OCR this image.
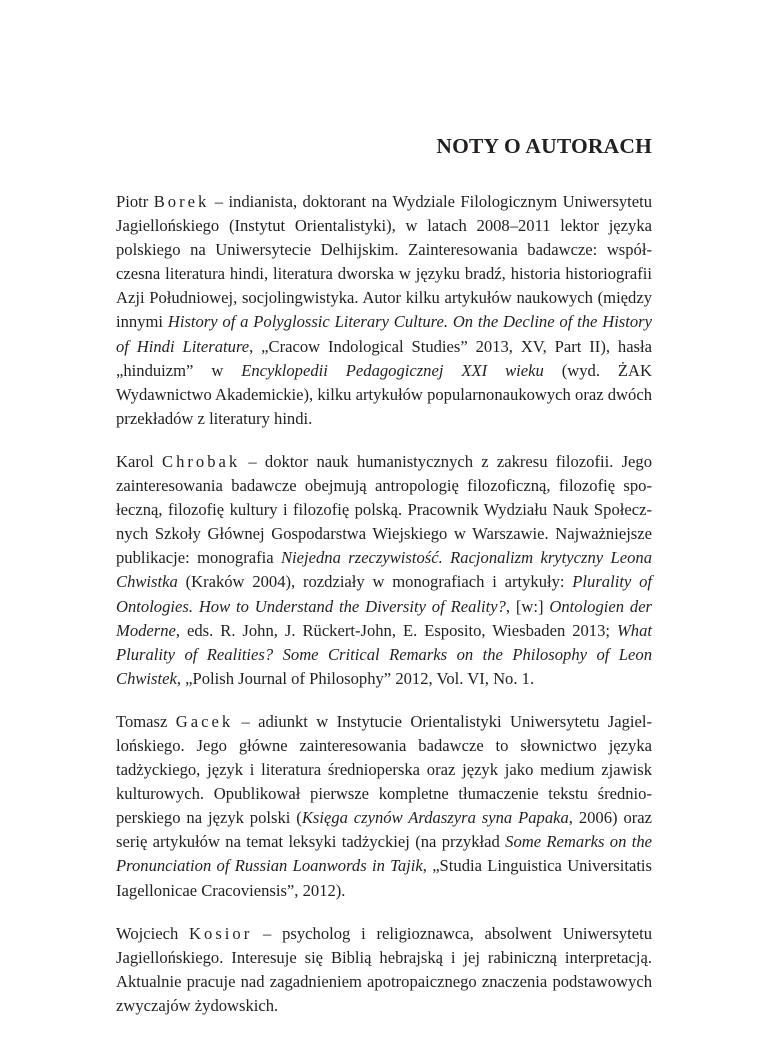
NOTY O AUTORACH

Piotr Borek – indianista, doktorant na Wydziale Filologicznym Uniwersytetu Jagiellońskiego (Instytut Orientalistyki), w latach 2008–2011 lektor języka polskiego na Uniwersytecie Delhijskim. Zainteresowania badawcze: współczesna literatura hindi, literatura dworska w języku bradź, historia historiografii Azji Południowej, socjolingwistyka. Autor kilku artykułów naukowych (między innymi History of a Polyglossic Literary Culture. On the Decline of the History of Hindi Literature, „Cracow Indological Studies” 2013, XV, Part II), hasła „hinduizm” w Encyklopedii Pedagogicznej XXI wieku (wyd. ŻAK Wydawnictwo Akademickie), kilku artykułów popularnonaukowych oraz dwóch przekładów z literatury hindi.

Karol Chrobak – doktor nauk humanistycznych z zakresu filozofii. Jego zainteresowania badawcze obejmują antropologię filozoficzną, filozofię społeczną, filozofię kultury i filozofię polską. Pracownik Wydziału Nauk Społecznych Szkoły Głównej Gospodarstwa Wiejskiego w Warszawie. Najważniejsze publikacje: monografia Niejedna rzeczywistość. Racjonalizm krytyczny Leona Chwistka (Kraków 2004), rozdziały w monografiach i artykuły: Plurality of Ontologies. How to Understand the Diversity of Reality?, [w:] Ontologien der Moderne, eds. R. John, J. Rückert-John, E. Esposito, Wiesbaden 2013; What Plurality of Realities? Some Critical Remarks on the Philosophy of Leon Chwistek, „Polish Journal of Philosophy” 2012, Vol. VI, No. 1.

Tomasz Gacek – adiunkt w Instytucie Orientalistyki Uniwersytetu Jagiellońskiego. Jego główne zainteresowania badawcze to słownictwo języka tadżyckiego, język i literatura średnioperska oraz język jako medium zjawisk kulturowych. Opublikował pierwsze kompletne tłumaczenie tekstu średnioperskiego na język polski (Księga czynów Ardaszyra syna Papaka, 2006) oraz serię artykułów na temat leksyki tadżyckiej (na przykład Some Remarks on the Pronunciation of Russian Loanwords in Tajik, „Studia Linguistica Universitatis Iagellonicae Cracoviensis”, 2012).

Wojciech Kosior – psycholog i religioznawca, absolwent Uniwersytetu Jagiellońskiego. Interesuje się Biblią hebrajską i jej rabiniczną interpretacją. Aktualnie pracuje nad zagadnieniem apotropaicznego znaczenia podstawowych zwyczajów żydowskich.
